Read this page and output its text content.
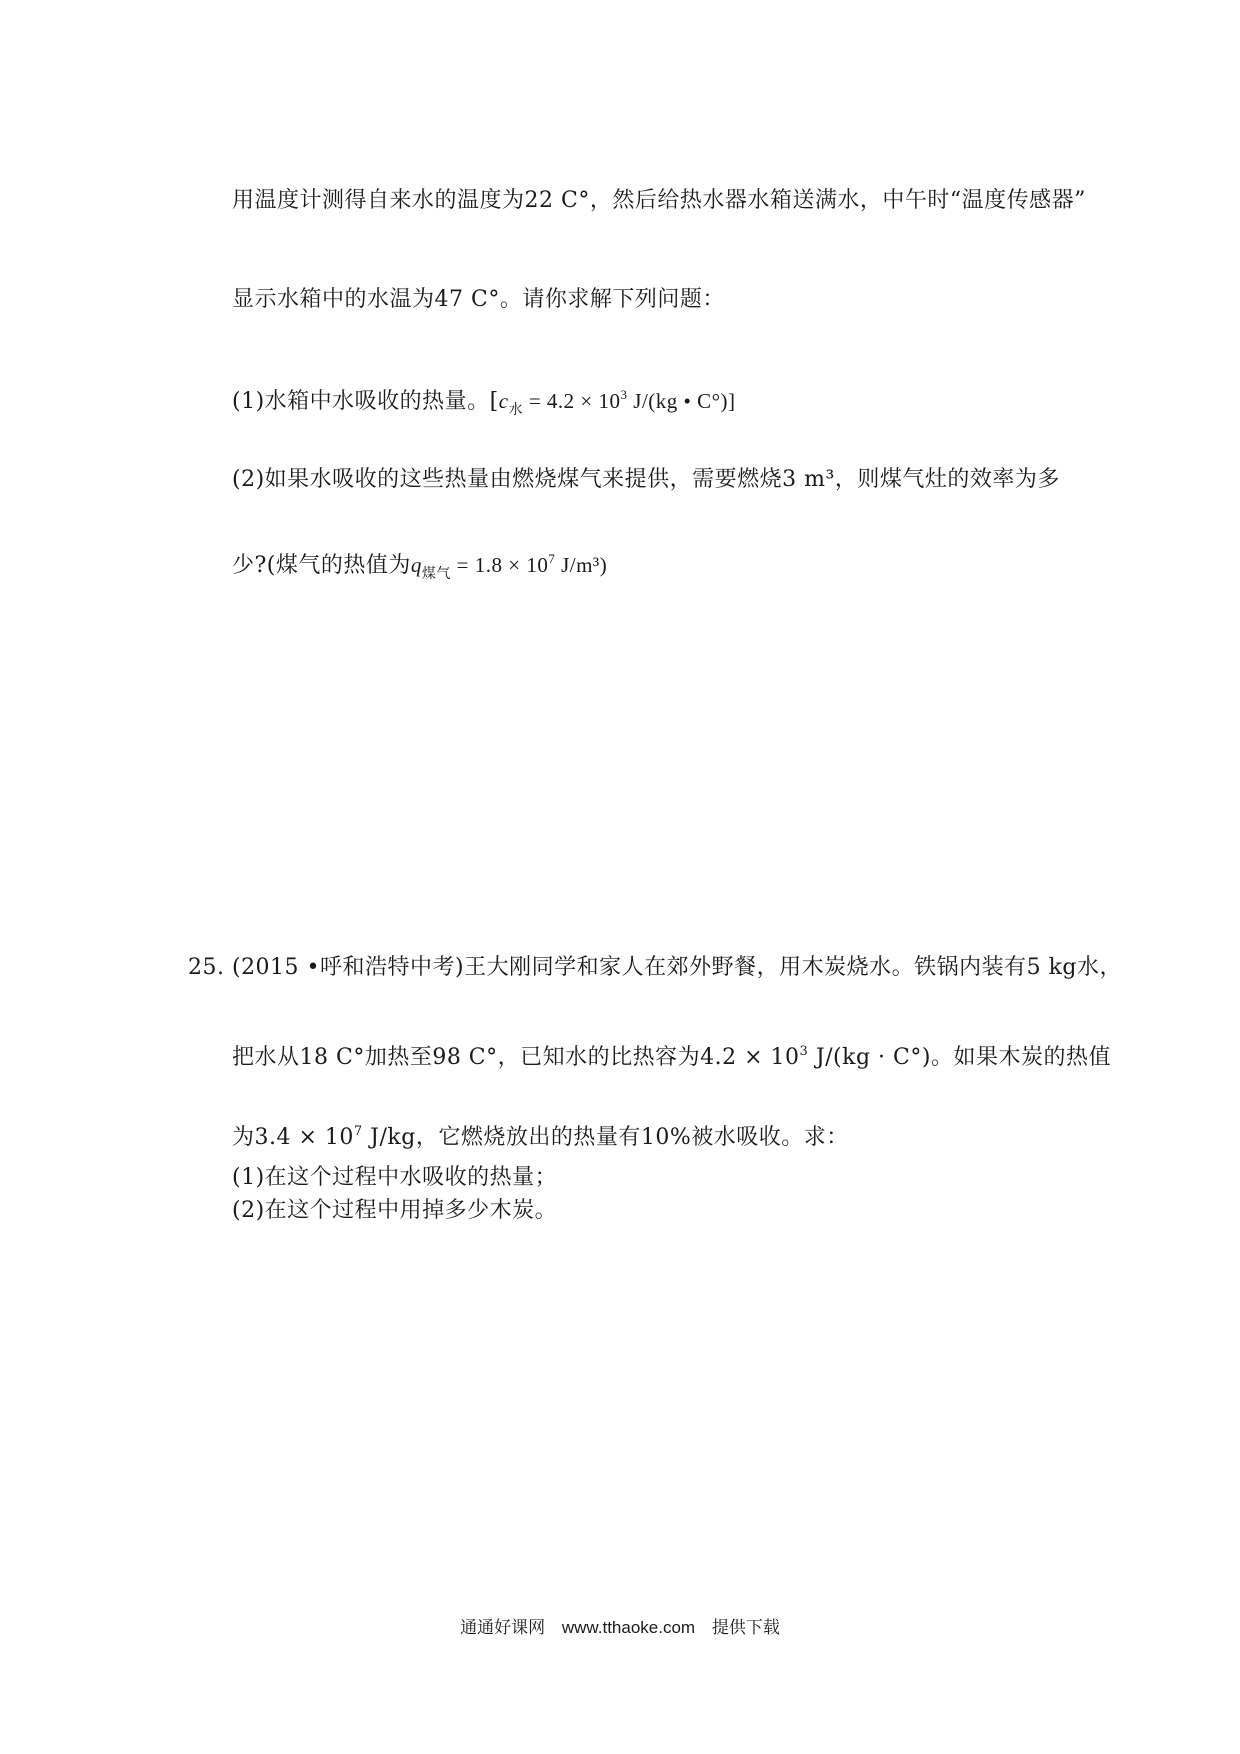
用温度计测得自来水的温度为22 C°，然后给热水器水箱送满水，中午时“温度传感器”
显示水箱中的水温为47 C°。请你求解下列问题：
(1)水箱中水吸收的热量。[$c_水 = 4.2 \times 10^3$ J/(kg • C°)]
(2)如果水吸收的这些热量由燃烧煤气来提供，需要燃烧3 m³，则煤气灶的效率为多
少?(煤气的热值为$q_{煤气} = 1.8 \times 10^7$ J/m³)
25. (2015 •呼和浩特中考)王大刚同学和家人在郊外野餐，用木炭烧水。铁锅内装有5 kg水，
把水从18 C°加热至98 C°，已知水的比热容为$4.2 \times 10^3$ J/(kg · C°)。如果木炭的热值
为$3.4 \times 10^7$ J/kg，它燃烧放出的热量有10%被水吸收。求：
(1)在这个过程中水吸收的热量；
(2)在这个过程中用掉多少木炭。
通通好课网 www.tthaoke.com 提供下载
